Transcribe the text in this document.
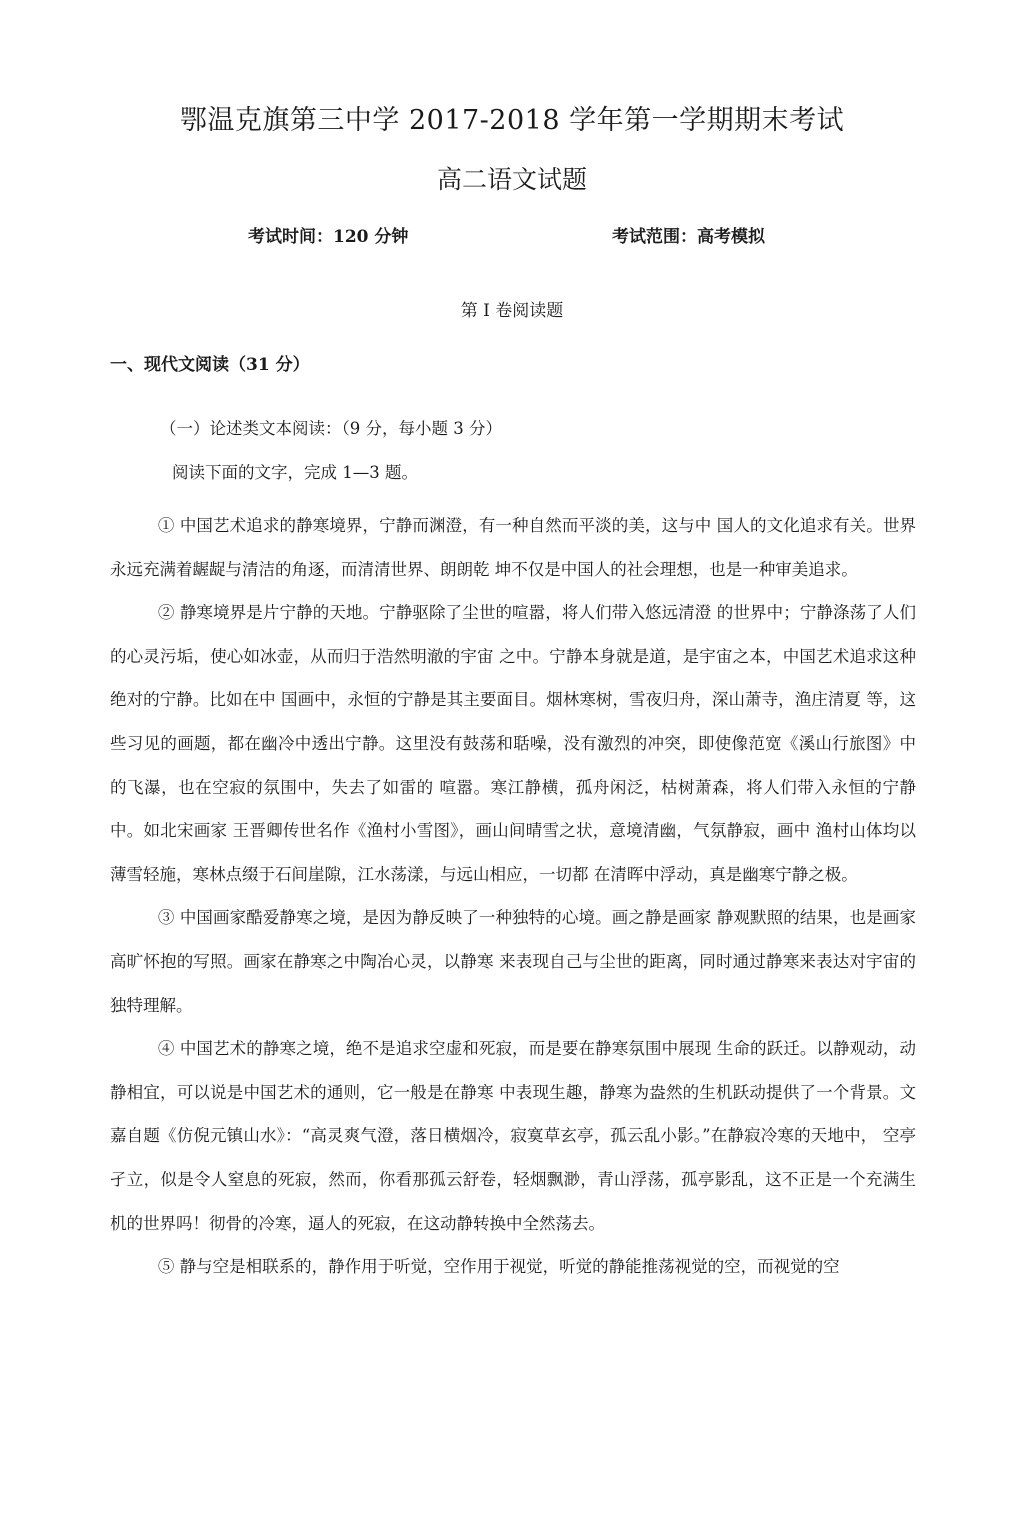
鄂温克旗第三中学 2017-2018 学年第一学期期末考试
高二语文试题
考试时间：120 分钟	考试范围：高考模拟
第 I 卷阅读题
一、现代文阅读（31 分）
（一）论述类文本阅读：（9 分，每小题 3 分）
阅读下面的文字，完成 1—3 题。

① 中国艺术追求的静寒境界，宁静而渊澄，有一种自然而平淡的美，这与中 国人的文化追求有关。世界永远充满着龌龊与清洁的角逐，而清清世界、朗朗乾 坤不仅是中国人的社会理想，也是一种审美追求。

② 静寒境界是片宁静的天地。宁静驱除了尘世的喧嚣，将人们带入悠远清澄 的世界中；宁静涤荡了人们的心灵污垢，使心如冰壶，从而归于浩然明澈的宇宙 之中。宁静本身就是道，是宇宙之本，中国艺术追求这种绝对的宁静。比如在中 国画中，永恒的宁静是其主要面目。烟林寒树，雪夜归舟，深山萧寺，渔庄清夏 等，这些习见的画题，都在幽冷中透出宁静。这里没有鼓荡和聒噪，没有激烈的冲突，即使像范宽《溪山行旅图》中的飞瀑，也在空寂的氛围中，失去了如雷的 喧嚣。寒江静横，孤舟闲泛，枯树萧森，将人们带入永恒的宁静中。如北宋画家 王晋卿传世名作《渔村小雪图》，画山间晴雪之状，意境清幽，气氛静寂，画中 渔村山体均以薄雪轻施，寒林点缀于石间崖隙，江水荡漾，与远山相应，一切都 在清晖中浮动，真是幽寒宁静之极。

③ 中国画家酷爱静寒之境，是因为静反映了一种独特的心境。画之静是画家 静观默照的结果，也是画家高旷怀抱的写照。画家在静寒之中陶冶心灵，以静寒 来表现自己与尘世的距离，同时通过静寒来表达对宇宙的独特理解。

④ 中国艺术的静寒之境，绝不是追求空虚和死寂，而是要在静寒氛围中展现 生命的跃迁。以静观动，动静相宜，可以说是中国艺术的通则，它一般是在静寒 中表现生趣，静寒为盎然的生机跃动提供了一个背景。文嘉自题《仿倪元镇山水》：“高灵爽气澄，落日横烟冷，寂寞草玄亭，孤云乱小影。”在静寂冷寒的天地中， 空亭孑立，似是令人窒息的死寂，然而，你看那孤云舒卷，轻烟飘渺，青山浮荡，孤亭影乱，这不正是一个充满生机的世界吗！彻骨的冷寒，逼人的死寂，在这动静转换中全然荡去。

⑤ 静与空是相联系的，静作用于听觉，空作用于视觉，听觉的静能推荡视觉的空，而视觉的空
